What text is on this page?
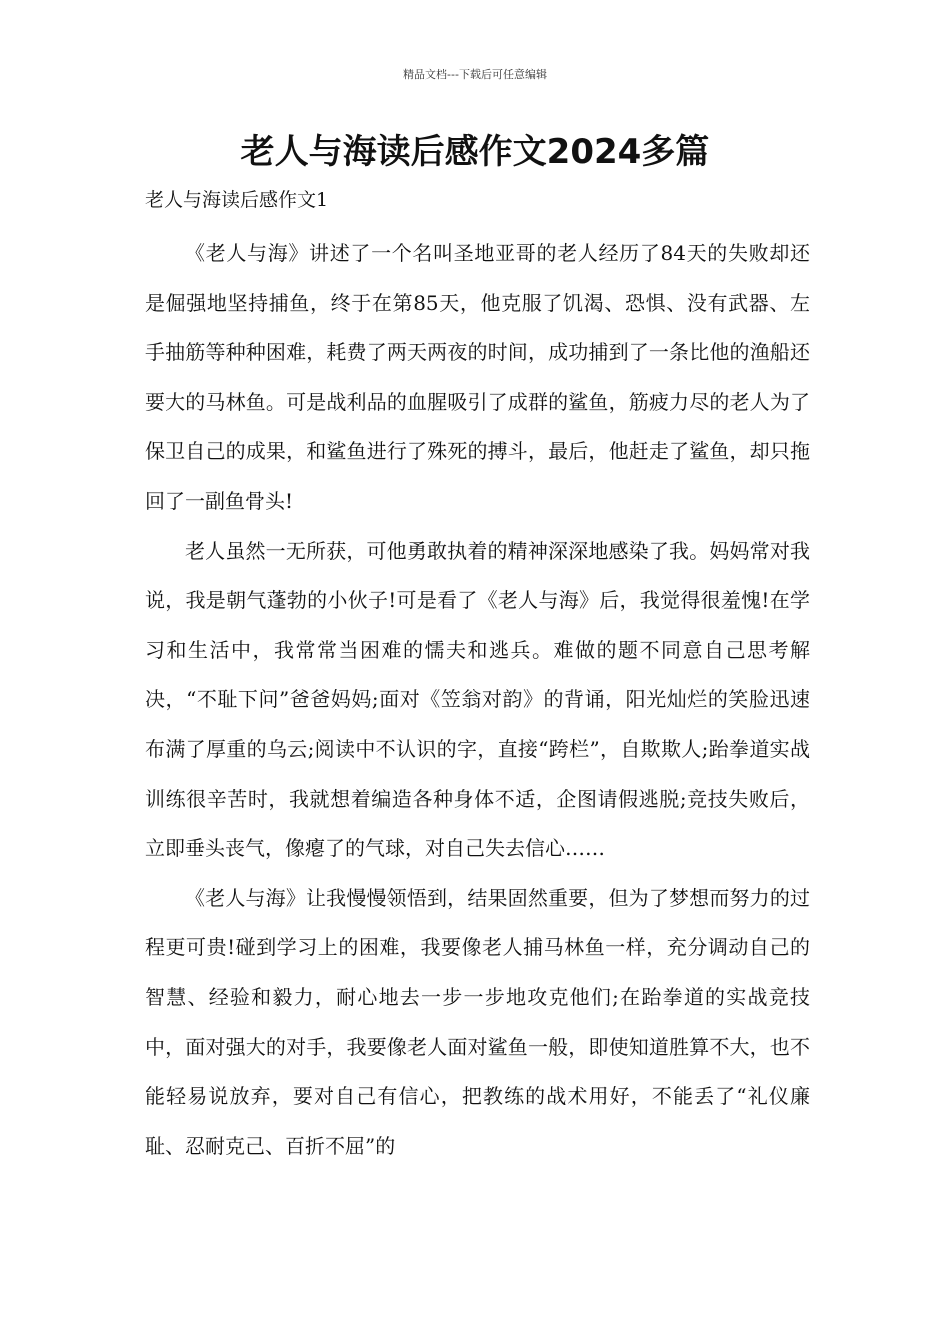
精品文档---下载后可任意编辑
老人与海读后感作文2024多篇
老人与海读后感作文1

《老人与海》讲述了一个名叫圣地亚哥的老人经历了84天的失败却还是倔强地坚持捕鱼，终于在第85天，他克服了饥渴、恐惧、没有武器、左手抽筋等种种困难，耗费了两天两夜的时间，成功捕到了一条比他的渔船还要大的马林鱼。可是战利品的血腥吸引了成群的鲨鱼，筋疲力尽的老人为了保卫自己的成果，和鲨鱼进行了殊死的搏斗，最后，他赶走了鲨鱼，却只拖回了一副鱼骨头!

老人虽然一无所获，可他勇敢执着的精神深深地感染了我。妈妈常对我说，我是朝气蓬勃的小伙子!可是看了《老人与海》后，我觉得很羞愧!在学习和生活中，我常常当困难的懦夫和逃兵。难做的题不同意自己思考解决，“不耻下问”爸爸妈妈;面对《笠翁对韵》的背诵，阳光灿烂的笑脸迅速布满了厚重的乌云;阅读中不认识的字，直接“跨栏”，自欺欺人;跆拳道实战训练很辛苦时，我就想着编造各种身体不适，企图请假逃脱;竞技失败后，立即垂头丧气，像瘪了的气球，对自己失去信心……

《老人与海》让我慢慢领悟到，结果固然重要，但为了梦想而努力的过程更可贵!碰到学习上的困难，我要像老人捕马林鱼一样，充分调动自己的智慧、经验和毅力，耐心地去一步一步地攻克他们;在跆拳道的实战竞技中，面对强大的对手，我要像老人面对鲨鱼一般，即使知道胜算不大，也不能轻易说放弃，要对自己有信心，把教练的战术用好，不能丢了“礼仪廉耻、忍耐克己、百折不屈”的
